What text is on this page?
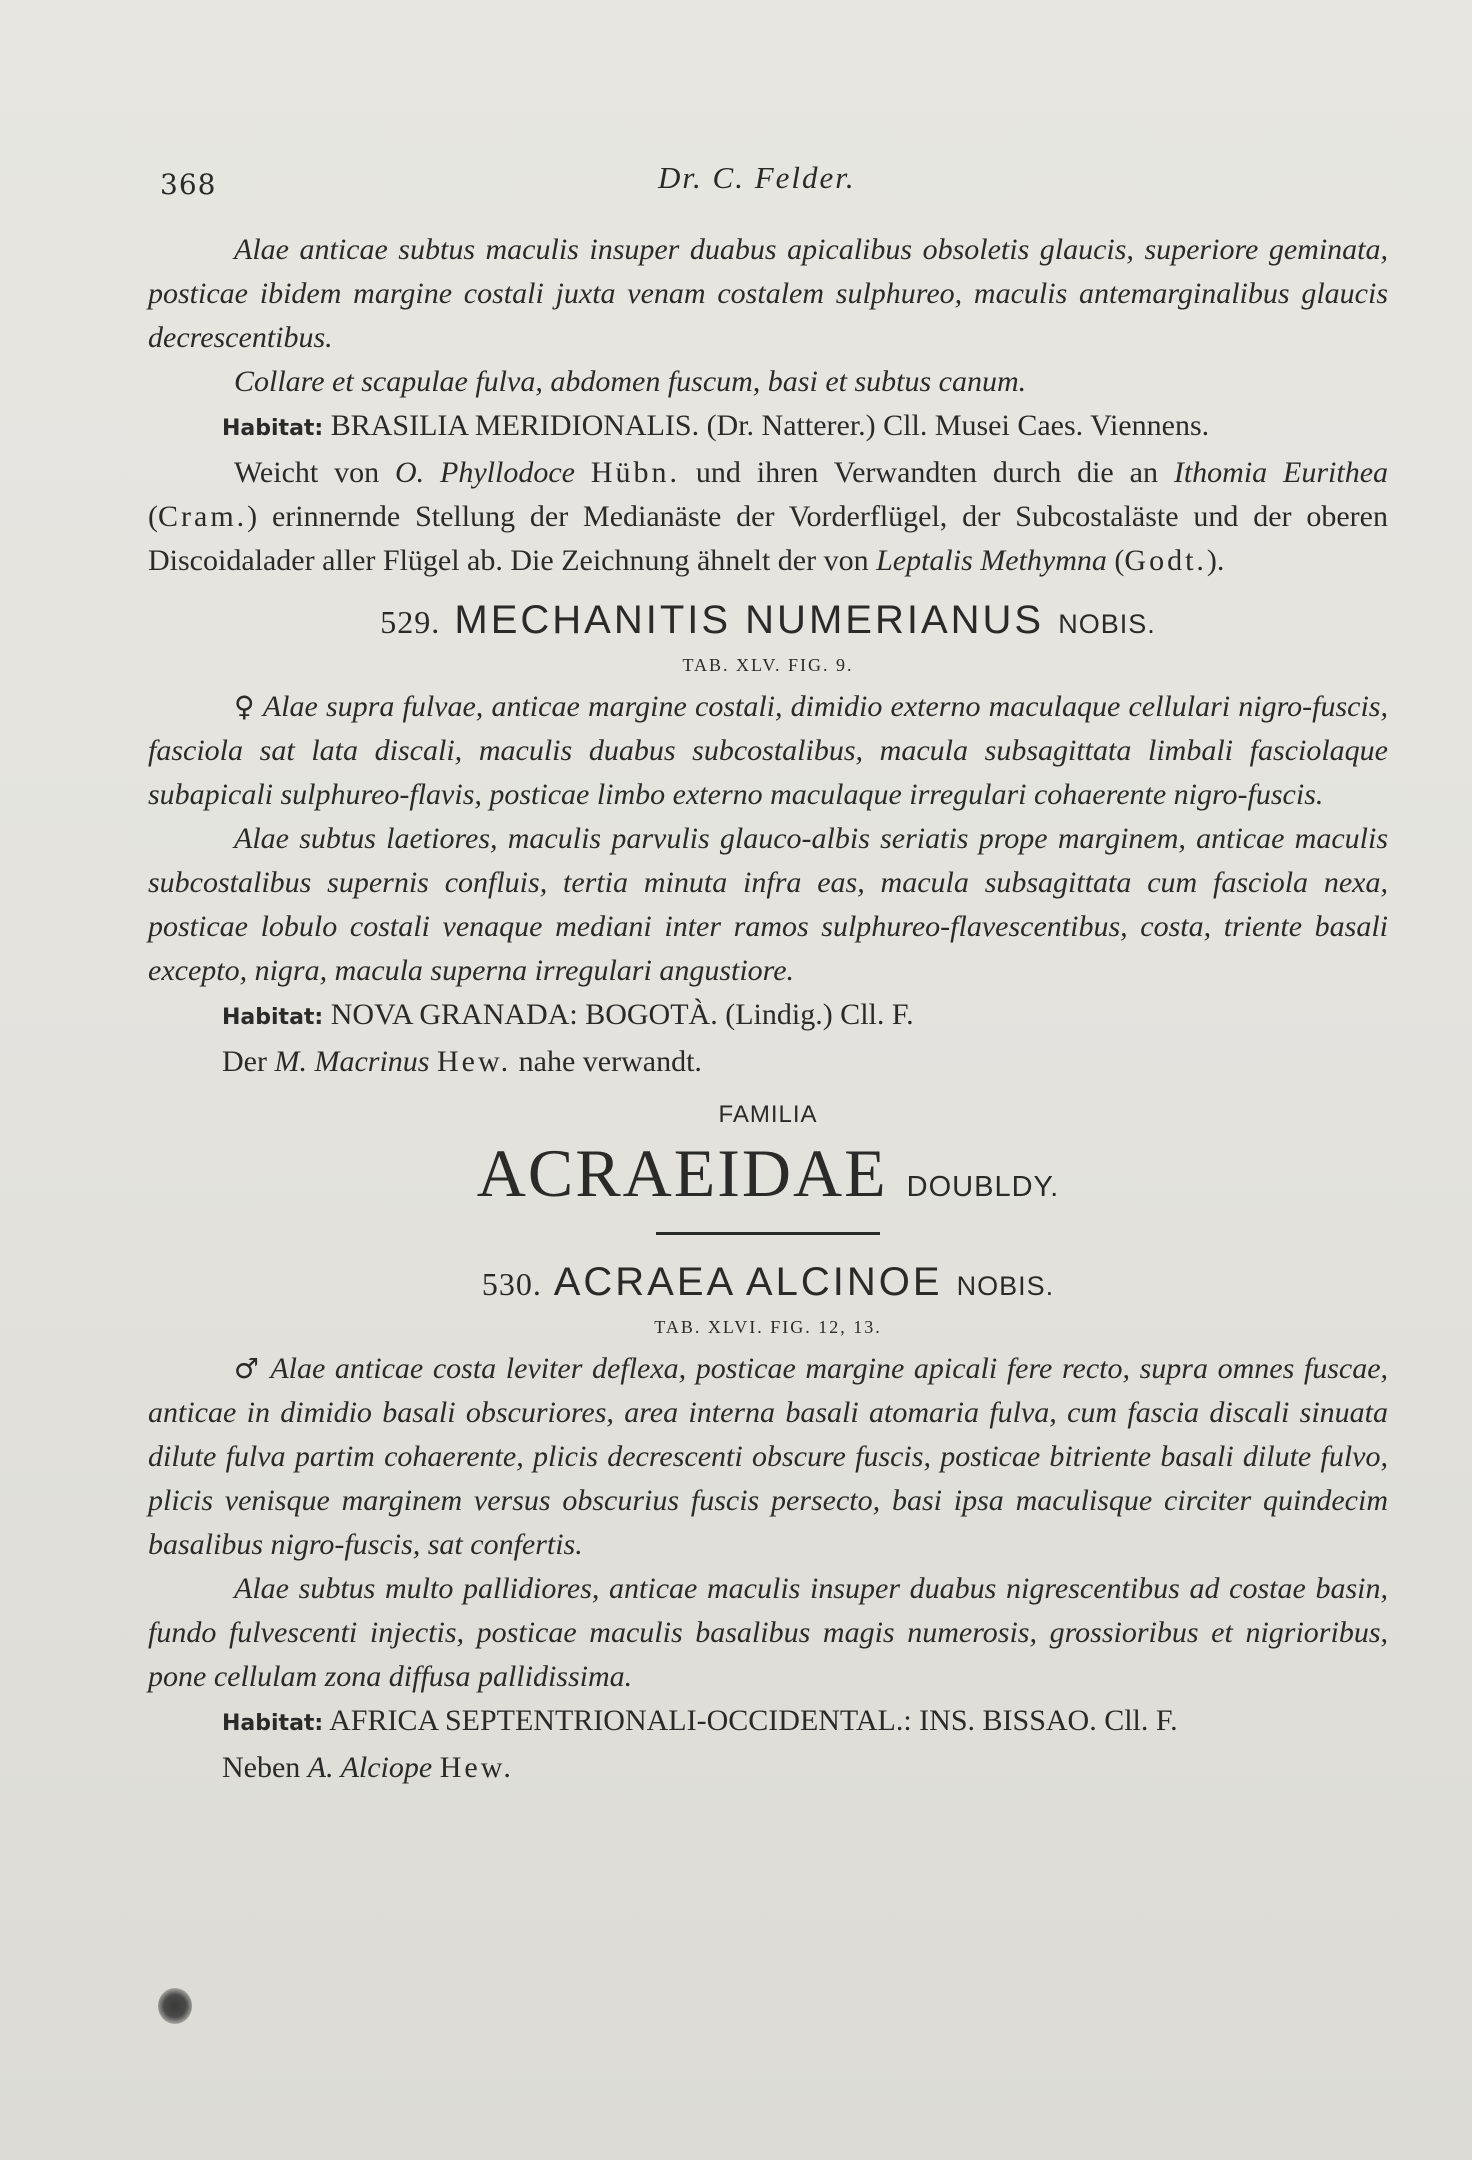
368	Dr. C. Felder.

Alae anticae subtus maculis insuper duabus apicalibus obsoletis glaucis, superiore geminata, posticae ibidem margine costali juxta venam costalem sulphureo, maculis antemarginalibus glaucis decrescentibus.

Collare et scapulae fulva, abdomen fuscum, basi et subtus canum.

Habitat: BRASILIA MERIDIONALIS. (Dr. Natterer.) Cll. Musei Caes. Viennens.

Weicht von O. Phyllodoce Hübn. und ihren Verwandten durch die an Ithomia Eurithea (Cram.) erinnernde Stellung der Medianäste der Vorderflügel, der Subcostaläste und der oberen Discoidalader aller Flügel ab. Die Zeichnung ähnelt der von Leptalis Methymna (Godt.).

529. MECHANITIS NUMERIANUS NOBIS.
TAB. XLV. FIG. 9.

♀ Alae supra fulvae, anticae margine costali, dimidio externo maculaque cellulari nigro-fuscis, fasciola sat lata discali, maculis duabus subcostalibus, macula subsagittata limbali fasciolaque subapicali sulphureo-flavis, posticae limbo externo maculaque irregulari cohaerente nigro-fuscis.

Alae subtus laetiores, maculis parvulis glauco-albis seriatis prope marginem, anticae maculis subcostalibus supernis confluis, tertia minuta infra eas, macula subsagittata cum fasciola nexa, posticae lobulo costali venaque mediani inter ramos sulphureo-flavescentibus, costa, triente basali excepto, nigra, macula superna irregulari angustiore.

Habitat: NOVA GRANADA: BOGOTÀ. (Lindig.) Cll. F.

Der M. Macrinus Hew. nahe verwandt.

FAMILIA
ACRAEIDAE DOUBLDY.
530. ACRAEA ALCINOE NOBIS.
TAB. XLVI. FIG. 12, 13.

♂ Alae anticae costa leviter deflexa, posticae margine apicali fere recto, supra omnes fuscae, anticae in dimidio basali obscuriores, area interna basali atomaria fulva, cum fascia discali sinuata dilute fulva partim cohaerente, plicis decrescenti obscure fuscis, posticae bitriente basali dilute fulvo, plicis venisque marginem versus obscurius fuscis persecto, basi ipsa maculisque circiter quindecim basalibus nigro-fuscis, sat confertis.

Alae subtus multo pallidiores, anticae maculis insuper duabus nigrescentibus ad costae basin, fundo fulvescenti injectis, posticae maculis basalibus magis numerosis, grossioribus et nigrioribus, pone cellulam zona diffusa pallidissima.

Habitat: AFRICA SEPTENTRIONALI-OCCIDENTAL.: INS. BISSAO. Cll. F.

Neben A. Alciope Hew.
